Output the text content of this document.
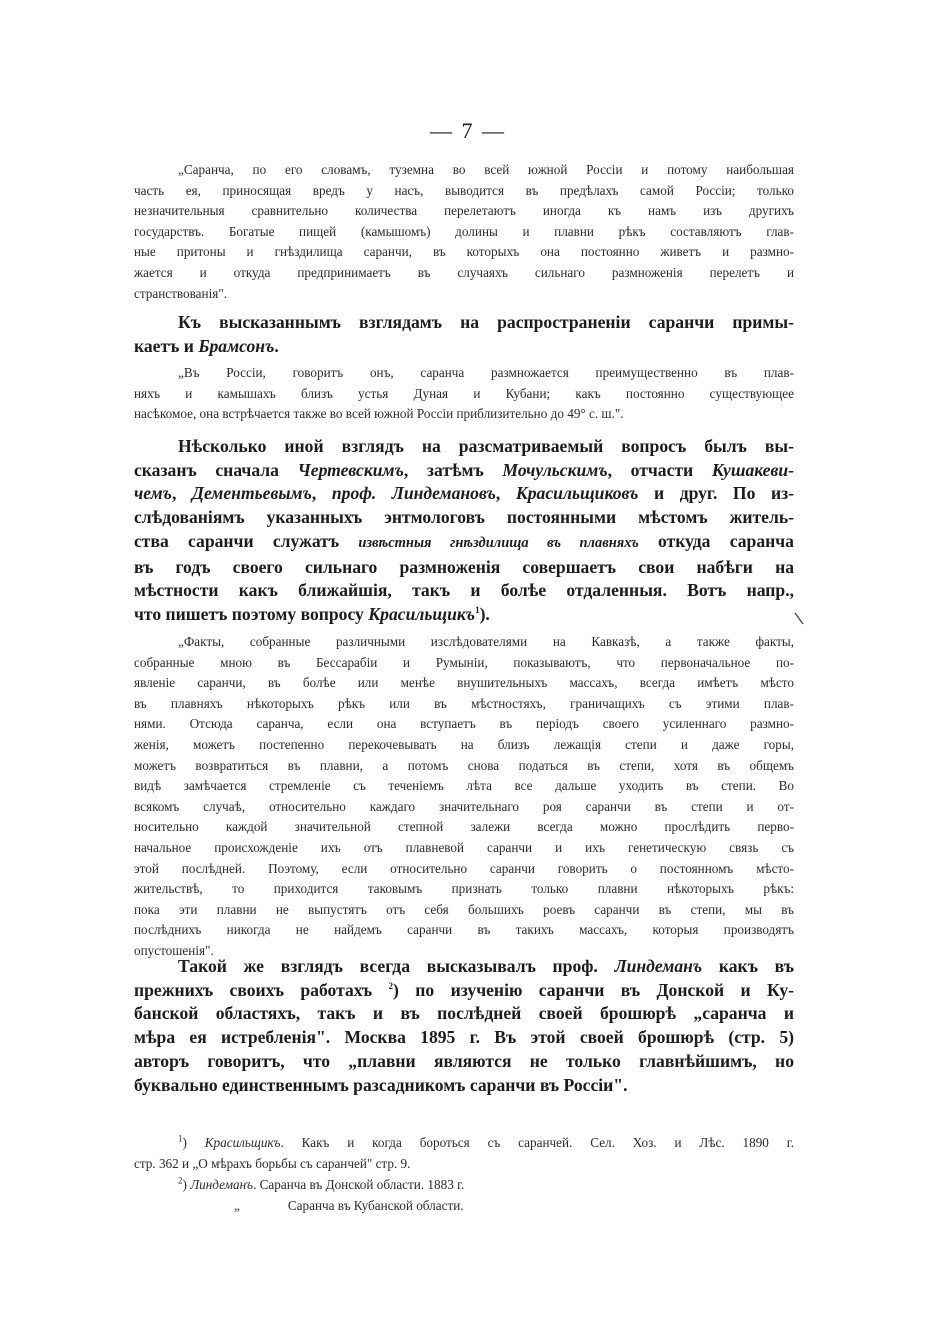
— 7 —
„Саранча, по его словамъ, туземна во всей южной Россіи и потому наибольшая
часть ея, приносящая вредъ у насъ, выводится въ предѣлахъ самой Россіи; только
незначительныя сравнительно количества перелетаютъ иногда къ намъ изъ другихъ
государствъ. Богатые пищей (камышомъ) долины и плавни рѣкъ составляютъ глав-
ные притоны и гнѣздилища саранчи, въ которыхъ она постоянно живетъ и размно-
жается и откуда предпринимаетъ въ случаяхъ сильнаго размноженія перелетъ и
странствованія".
Къ высказаннымъ взглядамъ на распространеніи саранчи примы-
каетъ и Брамсонъ.
„Въ Россіи, говоритъ онъ, саранча размножается преимущественно въ плав-
няхъ и камышахъ близъ устья Дуная и Кубани; какъ постоянно существующее
насѣкомое, она встрѣчается также во всей южной Россіи приблизительно до 49° с. ш.".
Нѣсколько иной взглядъ на разсматриваемый вопросъ былъ вы-
сказанъ сначала Чертевскимъ, затѣмъ Мочульскимъ, отчасти Кушакеви-
чемъ, Дементьевымъ, проф. Линдемановъ, Красильщиковъ и друг. По из-
слѣдованіямъ указанныхъ энтмологовъ постоянными мѣстомъ житель-
ства саранчи служатъ извѣстныя гнѣздилища въ плавняхъ откуда саранча
въ годъ своего сильнаго размноженія совершаетъ свои набѣги на
мѣстности какъ ближайшія, такъ и болѣе отдаленныя. Вотъ напр.,
что пишетъ поэтому вопросу Красильщикъ$^1$).
„Факты, собранные различными изслѣдователями на Кавказѣ, а также факты,
собранные мною въ Бессарабіи и Румыніи, показываютъ, что первоначальное по-
явленіе саранчи, въ болѣе или менѣе внушительныхъ массахъ, всегда имѣетъ мѣсто
въ плавняхъ нѣкоторыхъ рѣкъ или въ мѣстностяхъ, граничащихъ съ этими плав-
нями. Отсюда саранча, если она вступаетъ въ періодъ своего усиленнаго размно-
женія, можетъ постепенно перекочевывать на близъ лежащія степи и даже горы,
можетъ возвратиться въ плавни, а потомъ снова податься въ степи, хотя въ общемъ
видѣ замѣчается стремленіе съ теченіемъ лѣта все дальше уходить въ степи. Во
всякомъ случаѣ, относительно каждаго значительнаго роя саранчи въ степи и от-
носительно каждой значительной степной залежи всегда можно прослѣдить перво-
начальное происхожденіе ихъ отъ плавневой саранчи и ихъ генетическую связь съ
этой послѣдней. Поэтому, если относительно саранчи говорить о постоянномъ мѣсто-
жительствѣ, то приходится таковымъ признать только плавни нѣкоторыхъ рѣкъ:
пока эти плавни не выпустятъ отъ себя большихъ роевъ саранчи въ степи, мы въ
послѣднихъ никогда не найдемъ саранчи въ такихъ массахъ, которыя производятъ
опустошенія".
Такой же взглядъ всегда высказывалъ проф. Линдеманъ какъ въ
прежнихъ своихъ работахъ $^2$) по изученію саранчи въ Донской и Ку-
банской областяхъ, такъ и въ послѣдней своей брошюрѣ „саранча и
мѣра ея истребленія". Москва 1895 г. Въ этой своей брошюрѣ (стр. 5)
авторъ говоритъ, что „плавни являются не только главнѣйшимъ, но
буквально единственнымъ разсадникомъ саранчи въ Россіи".
$^1$) Красильщикъ. Какъ и когда бороться съ саранчей. Сел. Хоз. и Лѣс. 1890 г.
стр. 362 и „О мѣрахъ борьбы съ саранчей" стр. 9.
$^2$) Линдеманъ. Саранча въ Донской области. 1883 г.
„	Саранча въ Кубанской области.
